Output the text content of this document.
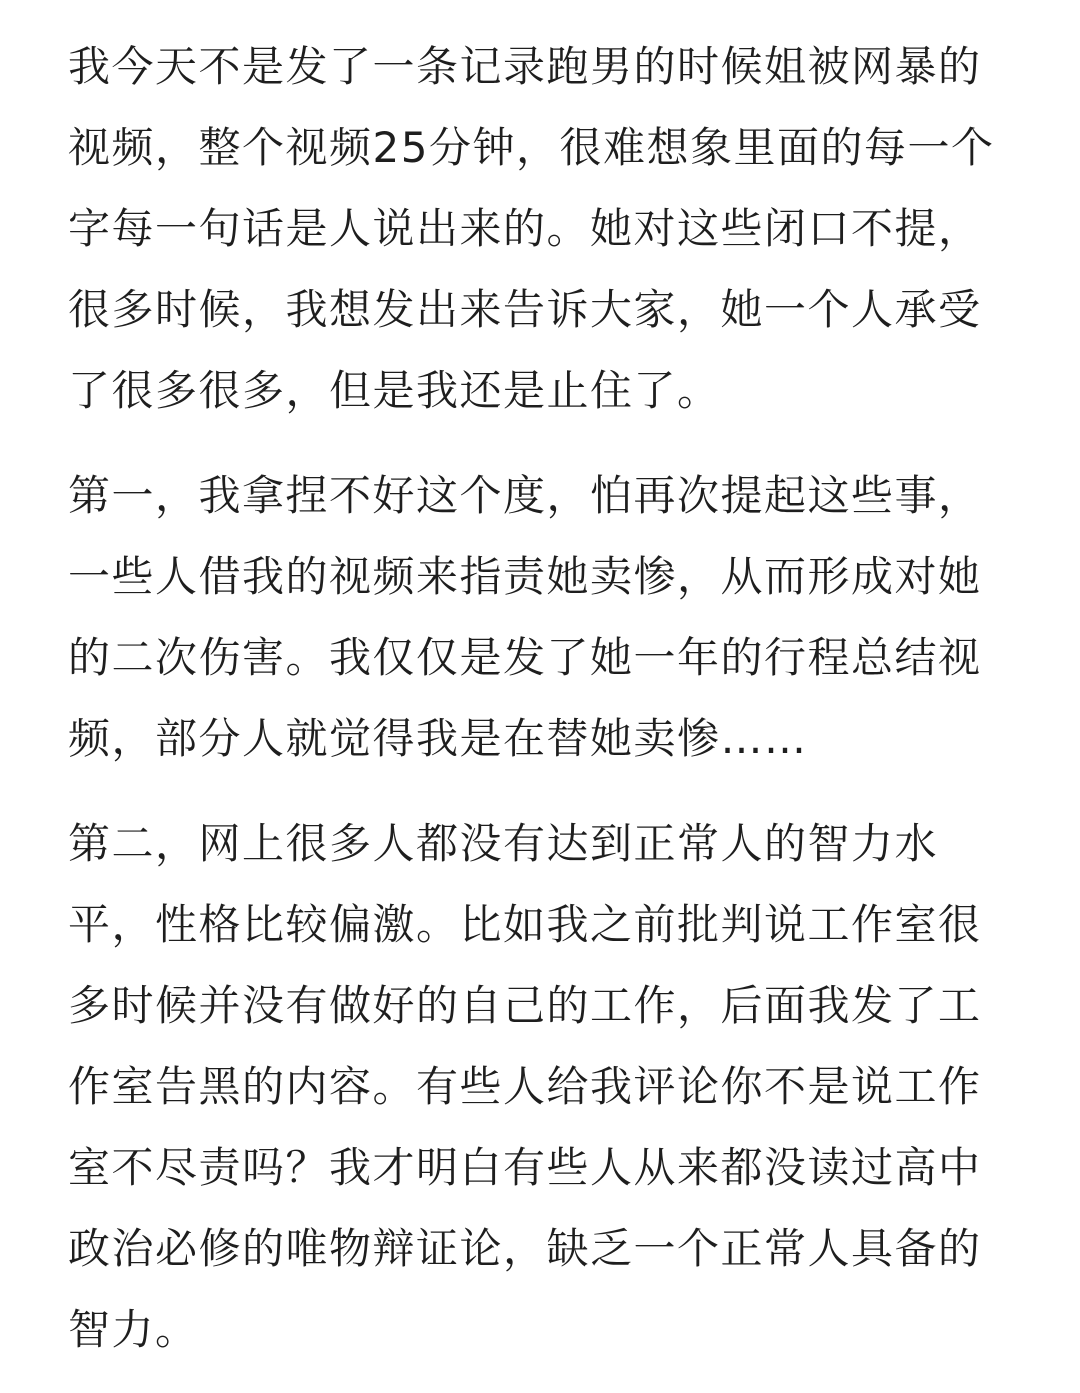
我今天不是发了一条记录跑男的时候姐被网暴的
视频，整个视频25分钟，很难想象里面的每一个
字每一句话是人说出来的。她对这些闭口不提，
很多时候，我想发出来告诉大家，她一个人承受
了很多很多，但是我还是止住了。
第一，我拿捏不好这个度，怕再次提起这些事，
一些人借我的视频来指责她卖惨，从而形成对她
的二次伤害。我仅仅是发了她一年的行程总结视
频，部分人就觉得我是在替她卖惨……
第二，网上很多人都没有达到正常人的智力水
平，性格比较偏激。比如我之前批判说工作室很
多时候并没有做好的自己的工作，后面我发了工
作室告黑的内容。有些人给我评论你不是说工作
室不尽责吗？我才明白有些人从来都没读过高中
政治必修的唯物辩证论，缺乏一个正常人具备的
智力。
